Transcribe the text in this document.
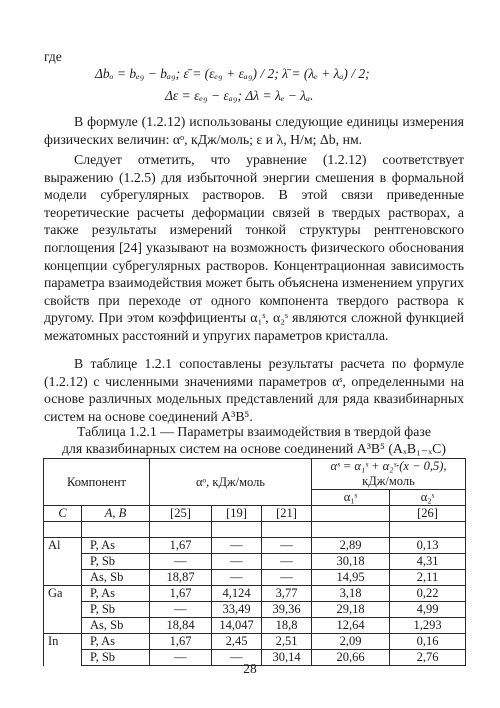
где
Δbₒ = bₑ₉ − bₐ₉; ε̄ = (εₑ₉ + εₐ₉) / 2; λ̄ = (λₑ + λₐ) / 2;
Δε = εₑ₉ − εₐ₉; Δλ = λₑ − λₐ.
В формуле (1.2.12) использованы следующие единицы измерения физических величин: αᵒ, кДж/моль; ε и λ, Н/м; Δb, нм.
Следует отметить, что уравнение (1.2.12) соответствует выражению (1.2.5) для избыточной энергии смешения в формальной модели субрегулярных растворов. В этой связи приведенные теоретические расчеты деформации связей в твердых растворах, а также результаты измерений тонкой структуры рентгеновского поглощения [24] указывают на возможность физического обоснования концепции субрегулярных растворов. Концентрационная зависимость параметра взаимодействия может быть объяснена изменением упругих свойств при переходе от одного компонента твердого раствора к другому. При этом коэффициенты α₁ˢ, α₂ˢ являются сложной функцией межатомных расстояний и упругих параметров кристалла.
В таблице 1.2.1 сопоставлены результаты расчета по формуле (1.2.12) с численными значениями параметров αˢ, определенными на основе различных модельных представлений для ряда квазибинарных систем на основе соединений A³B⁵.
Таблица 1.2.1 — Параметры взаимодействия в твердой фазе
для квазибинарных систем на основе соединений A³B⁵ (AₓB₁₋ₓC)
Компонент		αᵒ, кДж/моль			αˢ = α₁ˢ + α₂ˢ·(x − 0,5),	
					кДж/моль	
					α₁ˢ	α₂ˢ
C	A, B	[25]	[19]	[21]		[26]

Al	P, As	1,67	—	—	2,89	0,13
	P, Sb	—	—	—	30,18	4,31
	As, Sb	18,87	—	—	14,95	2,11
Ga	P, As	1,67	4,124	3,77	3,18	0,22
	P, Sb	—	33,49	39,36	29,18	4,99
	As, Sb	18,84	14,047	18,8	12,64	1,293
In	P, As	1,67	2,45	2,51	2,09	0,16
	P, Sb	—	—	30,14	20,66	2,76
28
